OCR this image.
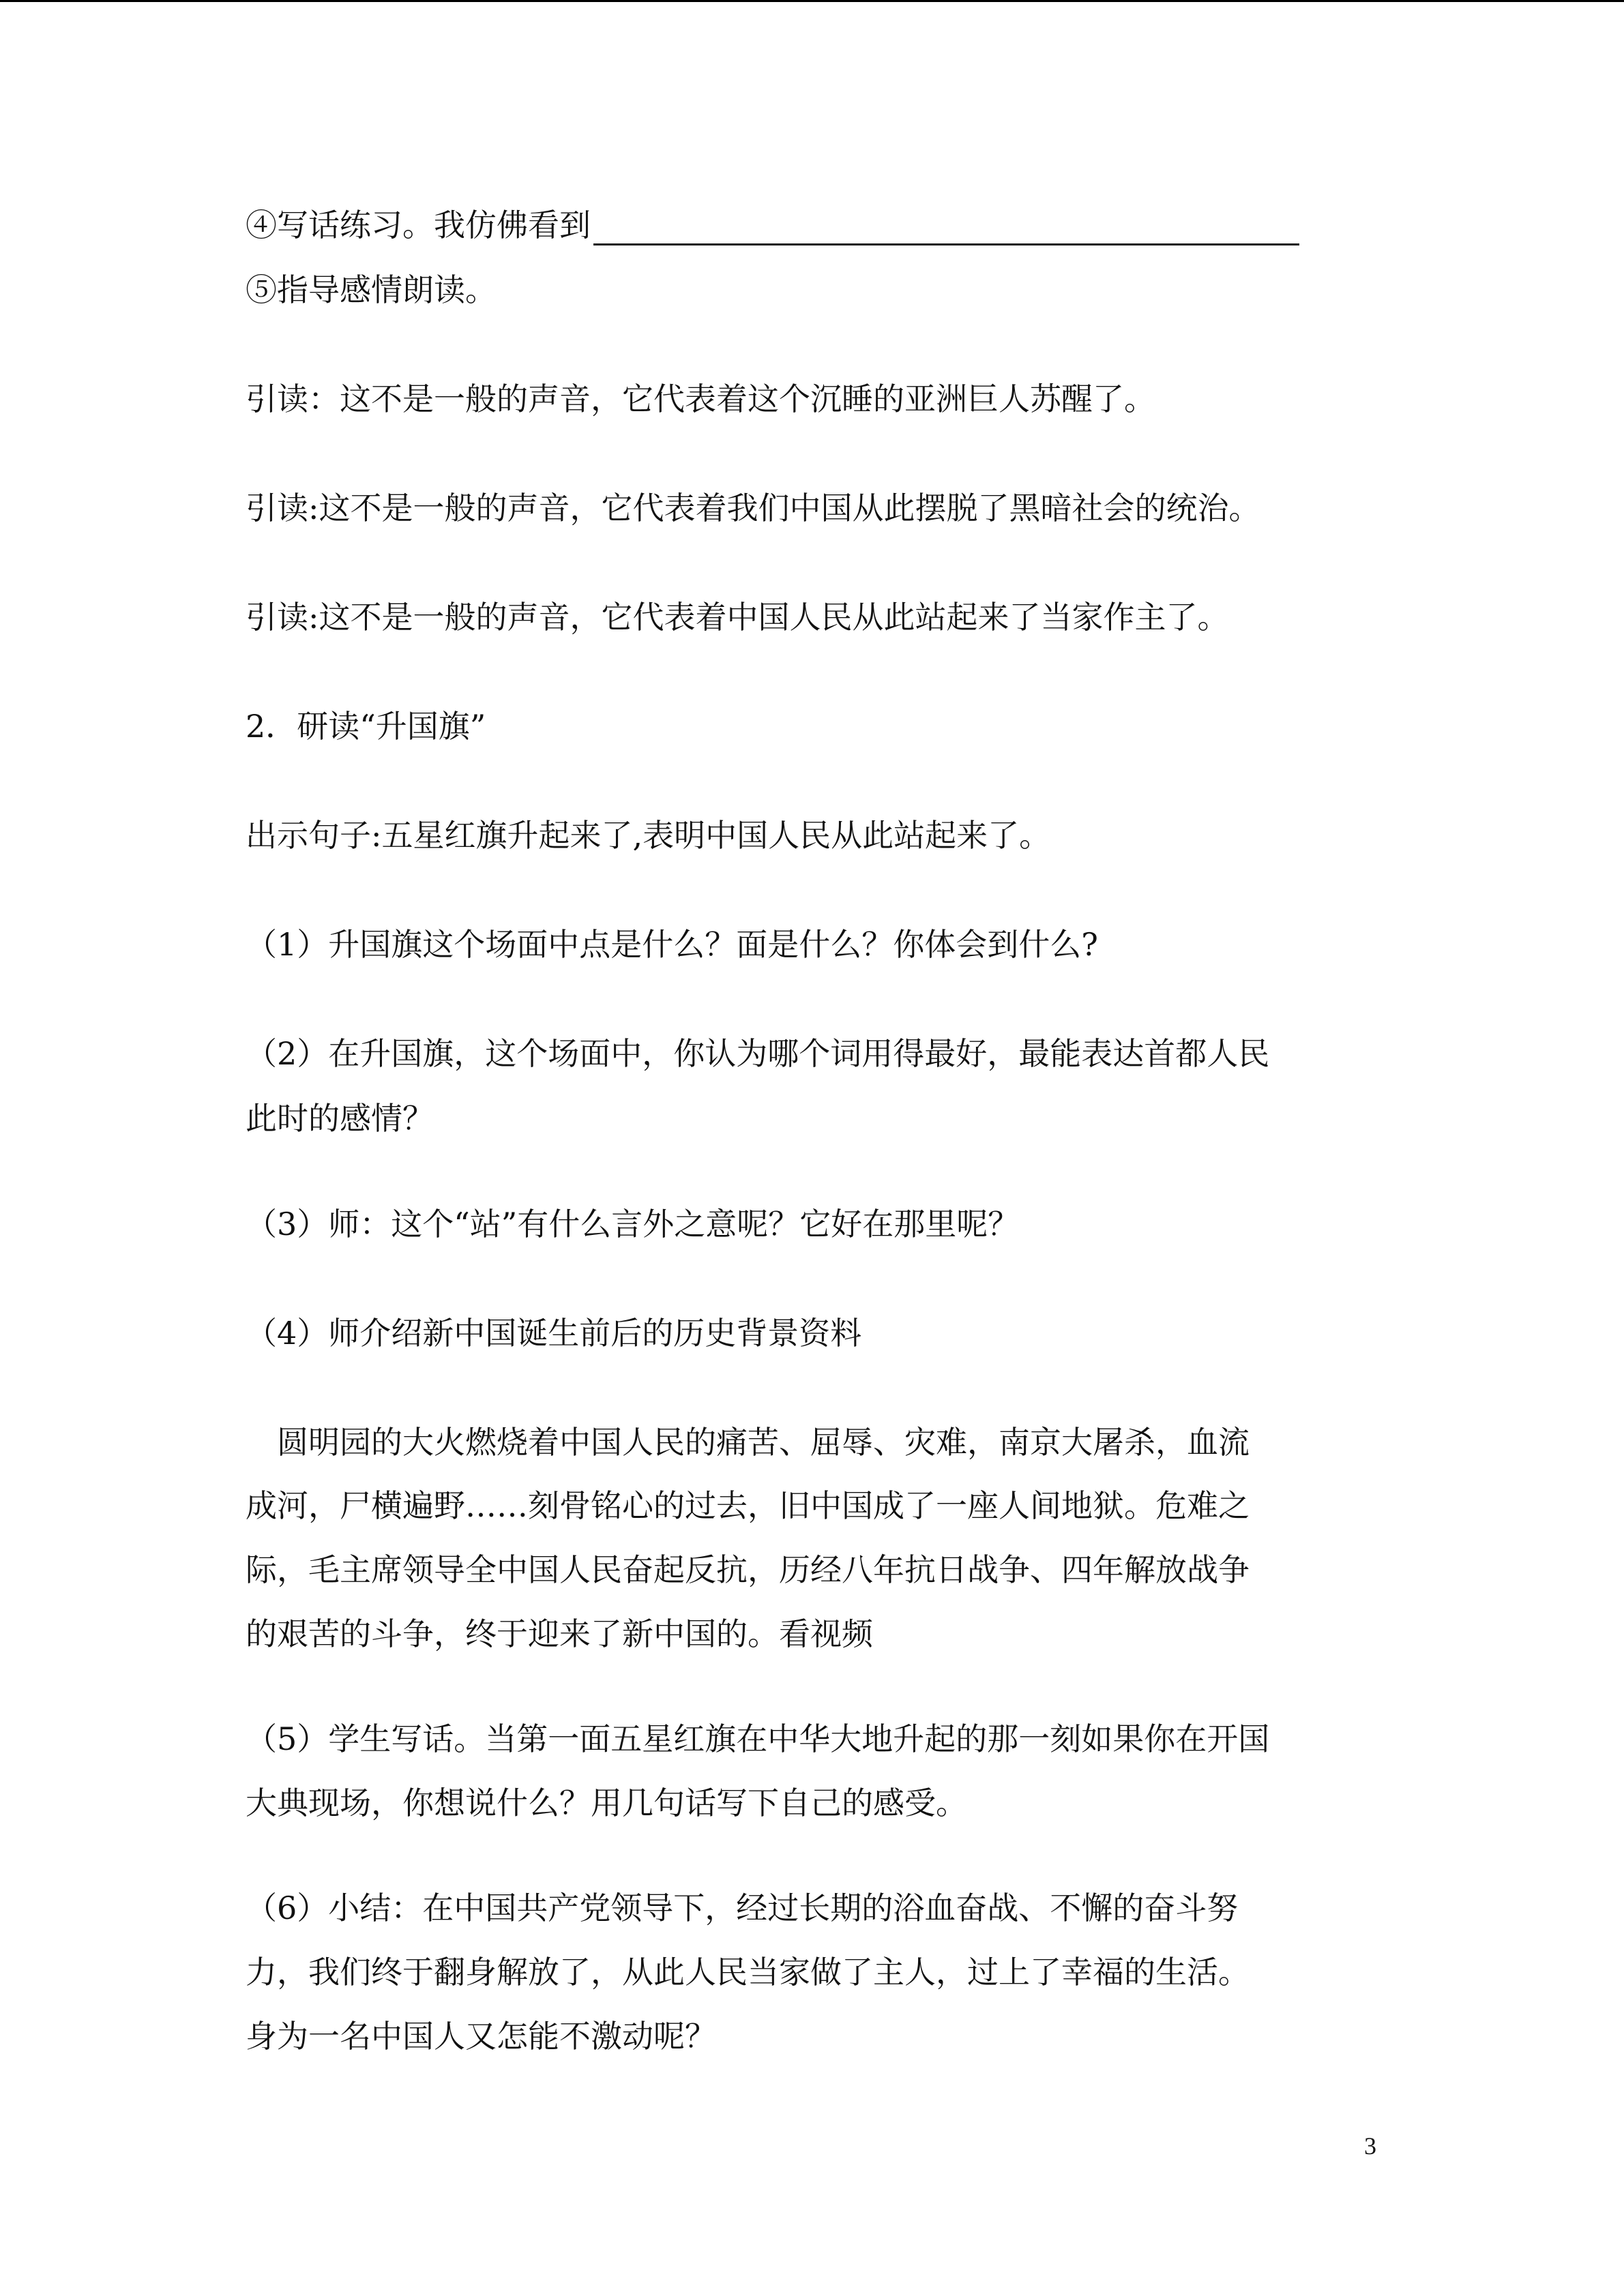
④写话练习。我仿佛看到
⑤指导感情朗读。
引读：这不是一般的声音，它代表着这个沉睡的亚洲巨人苏醒了。
引读:这不是一般的声音，它代表着我们中国从此摆脱了黑暗社会的统治。
引读:这不是一般的声音，它代表着中国人民从此站起来了当家作主了。
2．研读“升国旗”
出示句子:五星红旗升起来了,表明中国人民从此站起来了。
（1）升国旗这个场面中点是什么？面是什么？你体会到什么?
（2）在升国旗，这个场面中，你认为哪个词用得最好，最能表达首都人民
此时的感情？
（3）师：这个“站”有什么言外之意呢？它好在那里呢？
（4）师介绍新中国诞生前后的历史背景资料
　圆明园的大火燃烧着中国人民的痛苦、屈辱、灾难，南京大屠杀，血流
成河，尸横遍野……刻骨铭心的过去，旧中国成了一座人间地狱。危难之
际，毛主席领导全中国人民奋起反抗，历经八年抗日战争、四年解放战争
的艰苦的斗争，终于迎来了新中国的。看视频
（5）学生写话。当第一面五星红旗在中华大地升起的那一刻如果你在开国
大典现场，你想说什么？用几句话写下自己的感受。
（6）小结：在中国共产党领导下，经过长期的浴血奋战、不懈的奋斗努
力，我们终于翻身解放了，从此人民当家做了主人，过上了幸福的生活。
身为一名中国人又怎能不激动呢？
3
